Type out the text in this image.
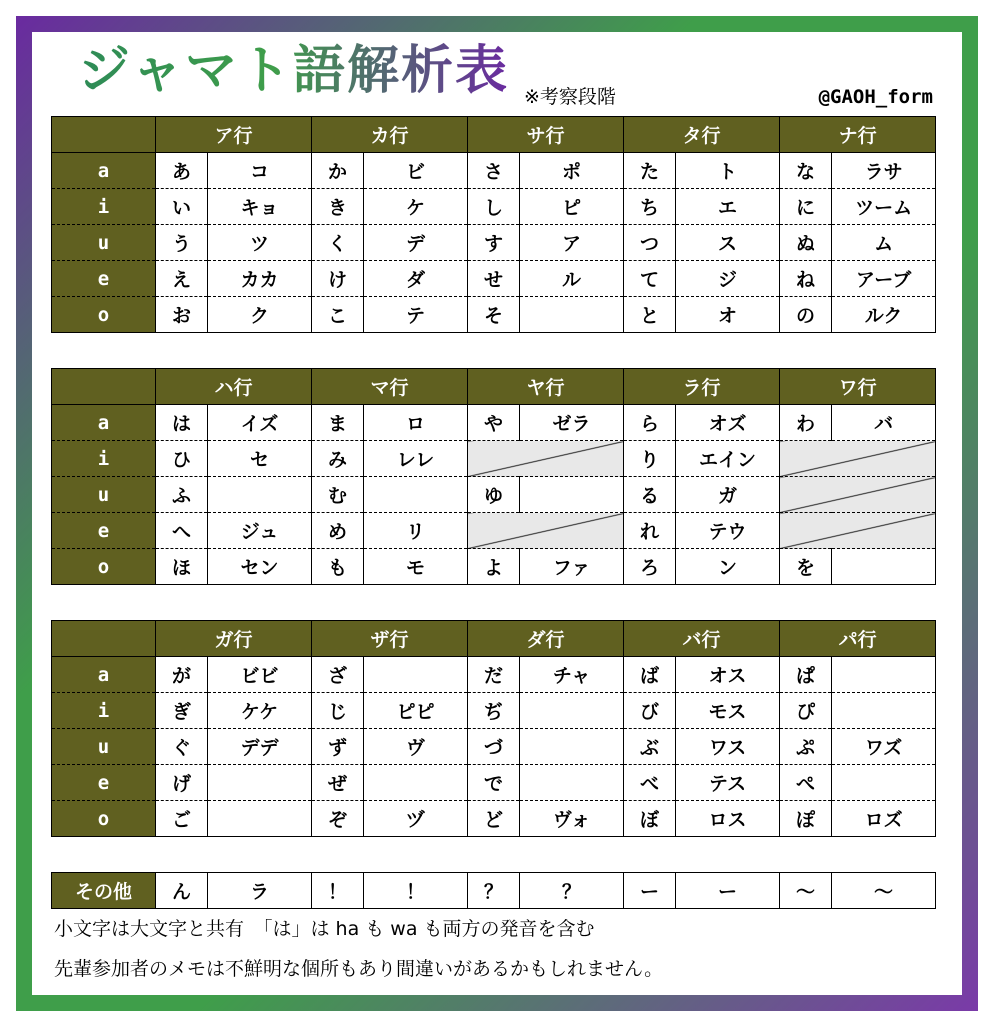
ジャマト語解析表 ※考察段階	@GAOH_form
	ア行		カ行		サ行		タ行		ナ行	
a	あ	コ	か	ビ	さ	ポ	た	ト	な	ラサ
i	い	キョ	き	ケ	し	ピ	ち	エ	に	ツーム
u	う	ツ	く	デ	す	ア	つ	ス	ぬ	ム
e	え	カカ	け	ダ	せ	ル	て	ジ	ね	アーブ
o	お	ク	こ	テ	そ		と	オ	の	ルク
	ハ行		マ行		ヤ行		ラ行		ワ行	
a	は	イズ	ま	ロ	や	ゼラ	ら	オズ	わ	バ
i	ひ	セ	み	レレ			り	エイン		
u	ふ		む		ゆ		る	ガ		
e	へ	ジュ	め	リ			れ	テウ		
o	ほ	セン	も	モ	よ	ファ	ろ	ン	を	
	ガ行		ザ行		ダ行		バ行		パ行	
a	が	ビビ	ざ		だ	チャ	ば	オス	ぱ	
i	ぎ	ケケ	じ	ピピ	ぢ		び	モス	ぴ	
u	ぐ	デデ	ず	ヴ	づ		ぶ	ワス	ぷ	ワズ
e	げ		ぜ		で		べ	テス	ぺ	
o	ご		ぞ	ヅ	ど	ヴォ	ぼ	ロス	ぽ	ロズ
その他	ん	ラ	！	！	？	？	ー	ー	～	～
小文字は大文字と共有　「は」は ha も wa も両方の発音を含む
先輩参加者のメモは不鮮明な個所もあり間違いがあるかもしれません。
